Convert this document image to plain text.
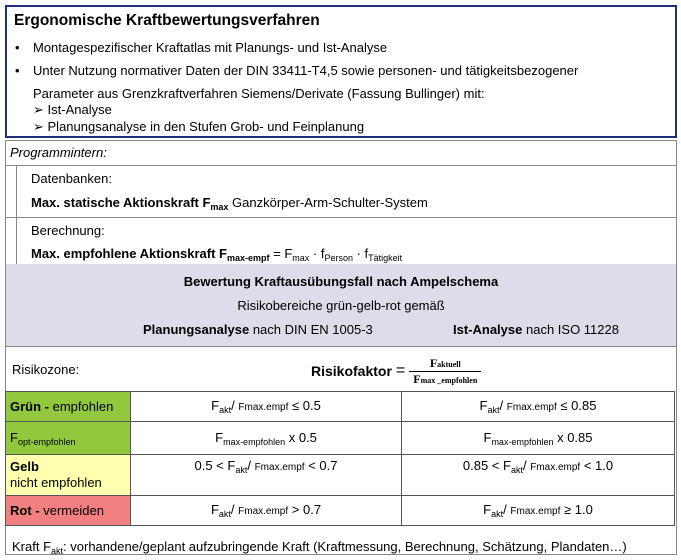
Ergonomische Kraftbewertungsverfahren
• Montagespezifischer Kraftatlas mit Planungs- und Ist-Analyse
• Unter Nutzung normativer Daten der DIN 33411-T4,5 sowie personen- und tätigkeitsbezogener
Parameter aus Grenzkraftverfahren Siemens/Derivate (Fassung Bullinger) mit:
➢ Ist-Analyse
➢ Planungsanalyse in den Stufen Grob- und Feinplanung
Programmintern:
Datenbanken:
Max. statische Aktionskraft $F_{max}$ Ganzkörper-Arm-Schulter-System
Berechnung:
Max. empfohlene Aktionskraft $F_{max-empf} = F_{max} \cdot f_{Person} \cdot f_{Tätigkeit}$
Bewertung Kraftausübungsfall nach Ampelschema
Risikobereiche grün-gelb-rot gemäß
Planungsanalyse nach DIN EN 1005-3	Ist-Analyse nach ISO 11228
Risikozone:	Risikofaktor = $\frac{\text{Faktuell}}{\text{Fmax \_empfohlen}}$
Grün - empfohlen	$F_{akt}/$ Fmax.empf ≤ 0.5	$F_{akt}/$ Fmax.empf ≤ 0.85
$F_{opt-empfohlen}$	$F_{max-empfohlen}$ x 0.5	$F_{max-empfohlen}$ x 0.85
Gelb
nicht empfohlen	$0.5 < F_{akt}/$ Fmax.empf < 0.7	$0.85 < F_{akt}/$ Fmax.empf < 1.0
Rot - vermeiden	$F_{akt}/$ Fmax.empf > 0.7	$F_{akt}/$ Fmax.empf ≥ 1.0
Kraft $F_{akt}$: vorhandene/geplant aufzubringende Kraft (Kraftmessung, Berechnung, Schätzung, Plandaten…)
